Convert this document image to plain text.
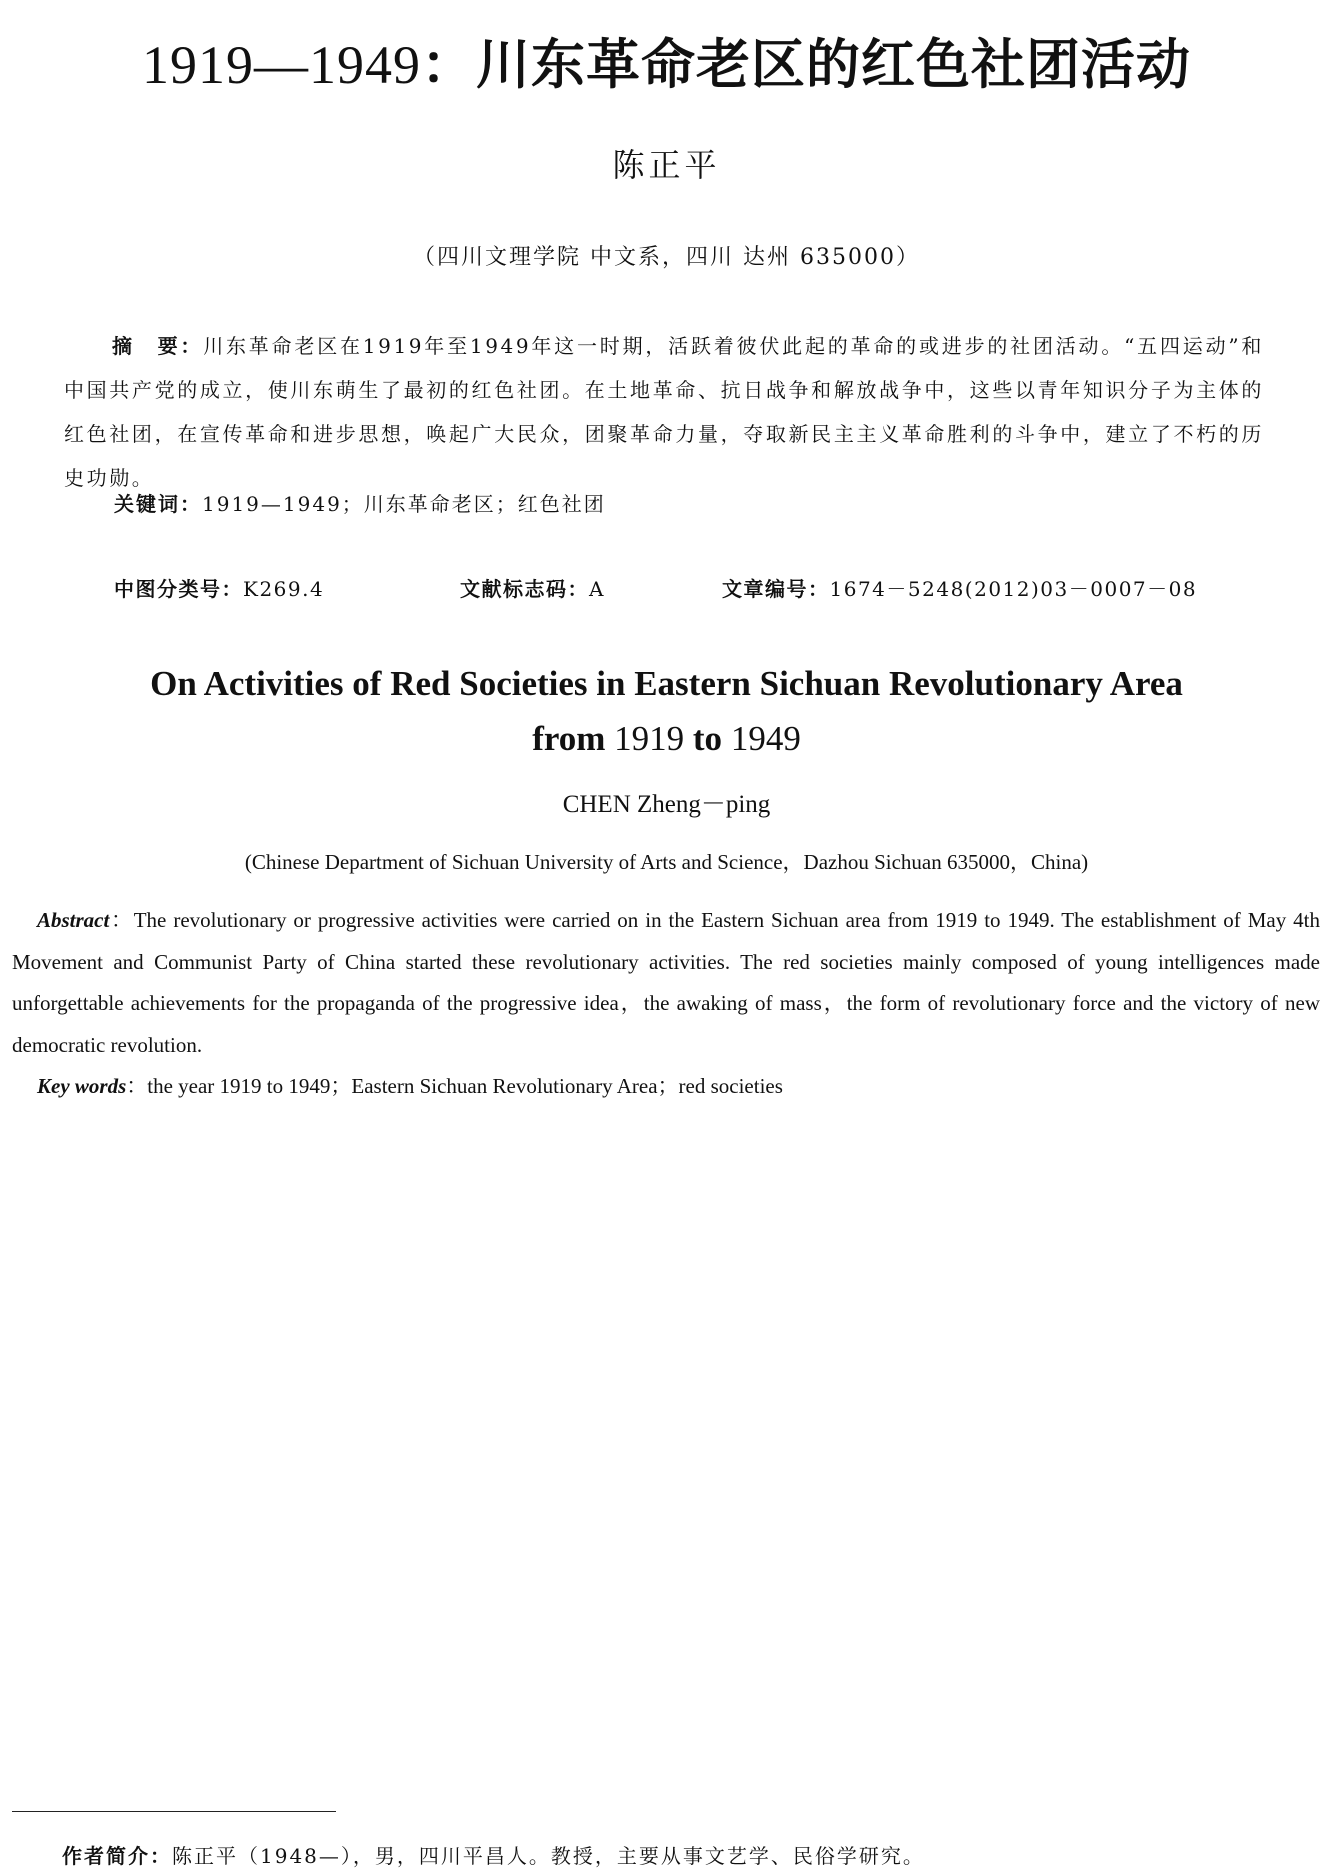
1919—1949：川东革命老区的红色社团活动
陈正平
（四川文理学院 中文系，四川 达州 635000）
摘　要：川东革命老区在1919年至1949年这一时期，活跃着彼伏此起的革命的或进步的社团活动。“五四运动”和中国共产党的成立，使川东萌生了最初的红色社团。在土地革命、抗日战争和解放战争中，这些以青年知识分子为主体的红色社团，在宣传革命和进步思想，唤起广大民众，团聚革命力量，夺取新民主主义革命胜利的斗争中，建立了不朽的历史功勋。
关键词：1919—1949；川东革命老区；红色社团
中图分类号：K269.4	文献标志码：A	文章编号：1674－5248(2012)03－0007－08
On Activities of Red Societies in Eastern Sichuan Revolutionary Area
from 1919 to 1949
CHEN Zheng－ping
(Chinese Department of Sichuan University of Arts and Science，Dazhou Sichuan 635000，China)
Abstract：The revolutionary or progressive activities were carried on in the Eastern Sichuan area from 1919 to 1949. The establishment of May 4th Movement and Communist Party of China started these revolutionary activities. The red societies mainly composed of young intelligences made unforgettable achievements for the propaganda of the progressive idea，the awaking of mass，the form of revolutionary force and the victory of new democratic revolution.
Key words：the year 1919 to 1949；Eastern Sichuan Revolutionary Area；red societies
作者简介：陈正平（1948—），男，四川平昌人。教授，主要从事文艺学、民俗学研究。
